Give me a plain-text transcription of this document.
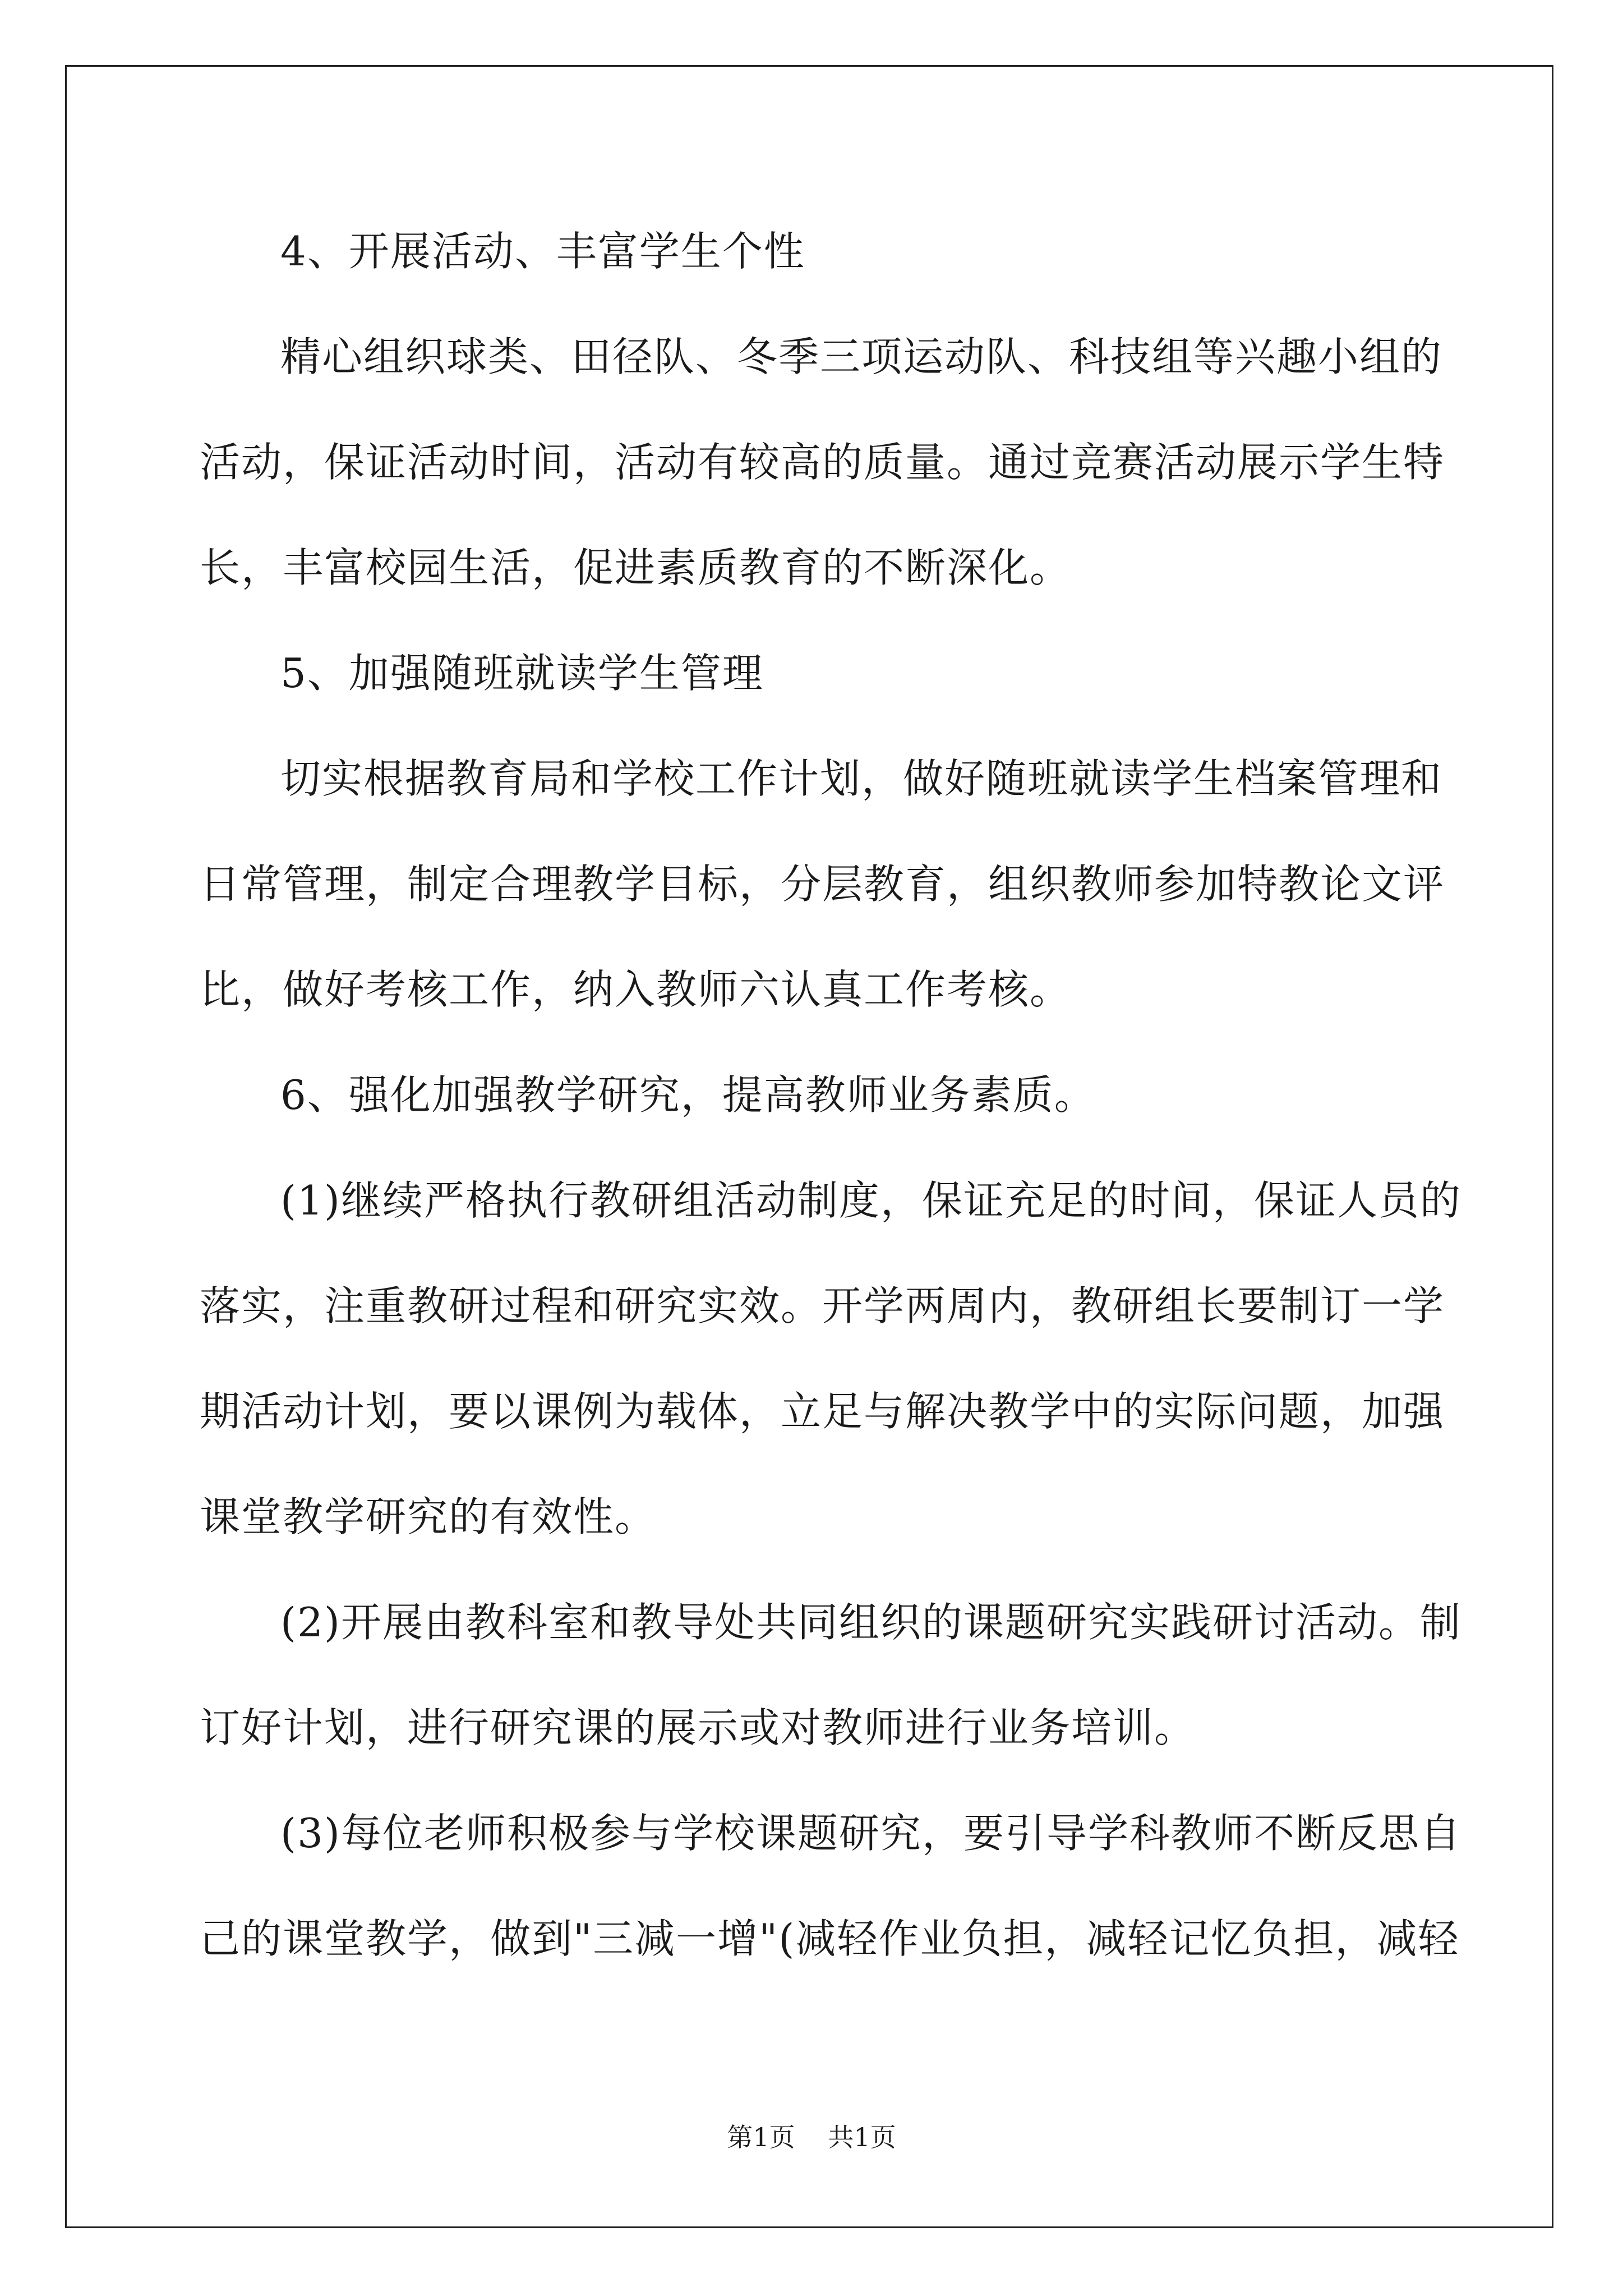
4、开展活动、丰富学生个性
精心组织球类、田径队、冬季三项运动队、科技组等兴趣小组的
活动，保证活动时间，活动有较高的质量。通过竞赛活动展示学生特
长，丰富校园生活，促进素质教育的不断深化。
5、加强随班就读学生管理
切实根据教育局和学校工作计划，做好随班就读学生档案管理和
日常管理，制定合理教学目标，分层教育，组织教师参加特教论文评
比，做好考核工作，纳入教师六认真工作考核。
6、强化加强教学研究，提高教师业务素质。
(1)继续严格执行教研组活动制度，保证充足的时间，保证人员的
落实，注重教研过程和研究实效。开学两周内，教研组长要制订一学
期活动计划，要以课例为载体，立足与解决教学中的实际问题，加强
课堂教学研究的有效性。
(2)开展由教科室和教导处共同组织的课题研究实践研讨活动。制
订好计划，进行研究课的展示或对教师进行业务培训。
(3)每位老师积极参与学校课题研究，要引导学科教师不断反思自
己的课堂教学，做到"三减一增"(减轻作业负担，减轻记忆负担，减轻
第1页 共1页
